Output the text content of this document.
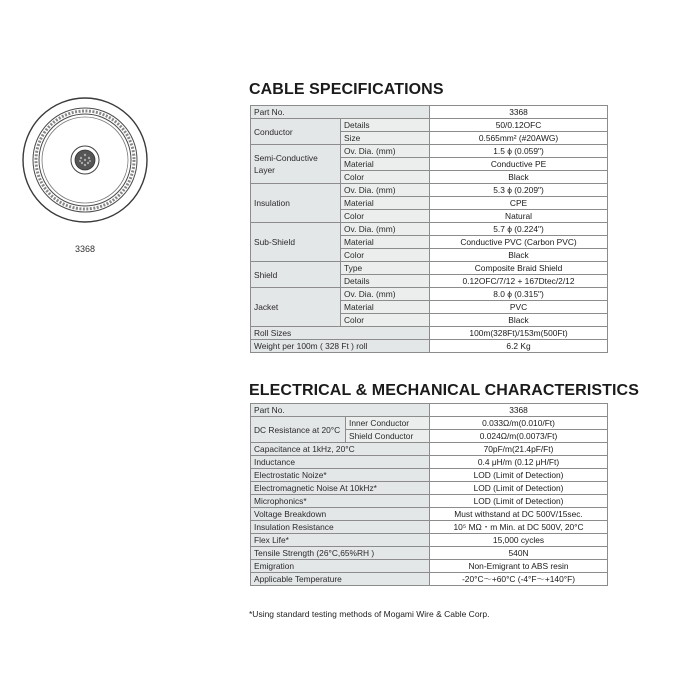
3368
CABLE SPECIFICATIONS
Part No.		3368
Conductor	Details	50/0.12OFC
	Size	0.565mm² (#20AWG)
Semi-Conductive Layer	Ov. Dia. (mm)	1.5 ϕ (0.059")
	Material	Conductive PE
	Color	Black
Insulation	Ov. Dia. (mm)	5.3 ϕ (0.209")
	Material	CPE
	Color	Natural
Sub-Shield	Ov. Dia. (mm)	5.7 ϕ (0.224")
	Material	Conductive PVC (Carbon PVC)
	Color	Black
Shield	Type	Composite Braid Shield
	Details	0.12OFC/7/12 + 167Dtec/2/12
Jacket	Ov. Dia. (mm)	8.0 ϕ (0.315")
	Material	PVC
	Color	Black
Roll Sizes		100m(328Ft)/153m(500Ft)
Weight per 100m ( 328 Ft ) roll		6.2 Kg
ELECTRICAL & MECHANICAL CHARACTERISTICS
Part No.		3368
DC Resistance at 20°C	Inner Conductor	0.033Ω/m(0.010/Ft)
	Shield Conductor	0.024Ω/m(0.0073/Ft)
Capacitance at 1kHz, 20°C		70pF/m(21.4pF/Ft)
Inductance		0.4 μH/m (0.12 μH/Ft)
Electrostatic Noize*		LOD (Limit of Detection)
Electromagnetic Noise At 10kHz*		LOD (Limit of Detection)
Microphonics*		LOD (Limit of Detection)
Voltage Breakdown		Must withstand at DC 500V/15sec.
Insulation Resistance		10⁵ MΩ・m Min. at DC 500V, 20°C
Flex Life*		15,000 cycles
Tensile Strength (26°C,65%RH )		540N
Emigration		Non-Emigrant to ABS resin
Applicable Temperature		-20°C～+60°C (-4°F～+140°F)
*Using standard testing methods of Mogami Wire & Cable Corp.
